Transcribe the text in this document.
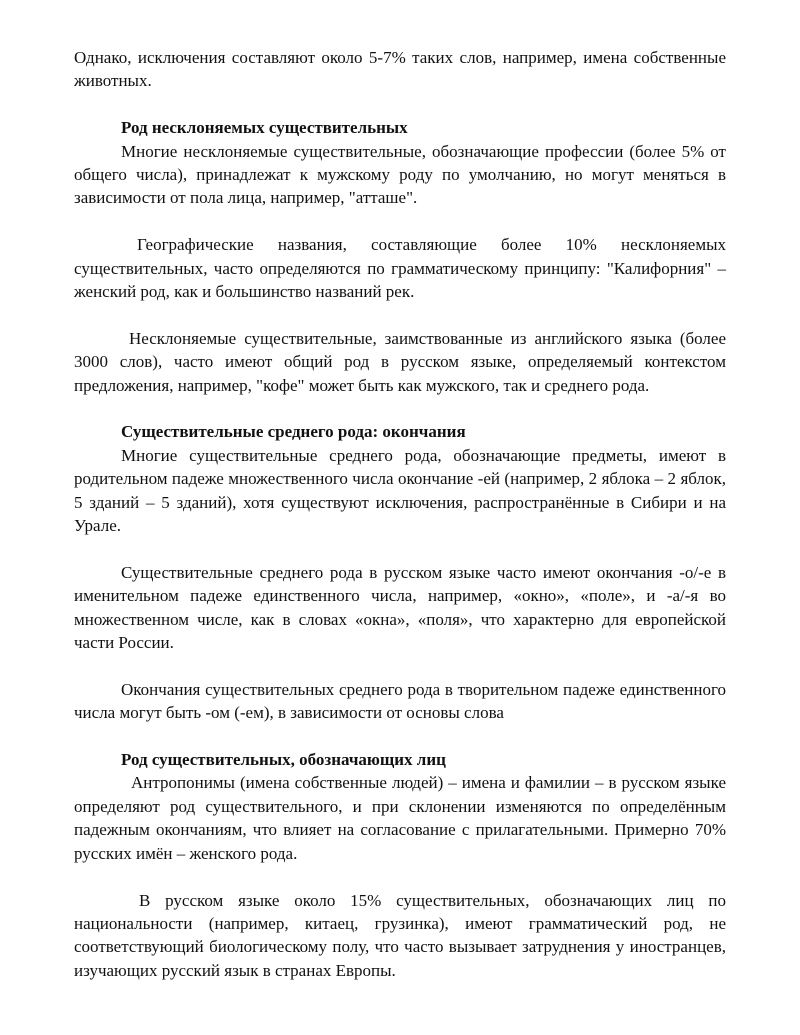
Однако, исключения составляют около 5-7% таких слов, например, имена собственные животных.

Род несклоняемых существительных

Многие несклоняемые существительные, обозначающие профессии (более 5% от общего числа), принадлежат к мужскому роду по умолчанию, но могут меняться в зависимости от пола лица, например, "атташе".

Географические названия, составляющие более 10% несклоняемых существительных, часто определяются по грамматическому принципу: "Калифорния" – женский род, как и большинство названий рек.

Несклоняемые существительные, заимствованные из английского языка (более 3000 слов), часто имеют общий род в русском языке, определяемый контекстом предложения, например, "кофе" может быть как мужского, так и среднего рода.

Существительные среднего рода: окончания

Многие существительные среднего рода, обозначающие предметы, имеют в родительном падеже множественного числа окончание -ей (например, 2 яблока – 2 яблок, 5 зданий – 5 зданий), хотя существуют исключения, распространённые в Сибири и на Урале.

Существительные среднего рода в русском языке часто имеют окончания -о/-е в именительном падеже единственного числа, например, «окно», «поле», и -а/-я во множественном числе, как в словах «окна», «поля», что характерно для европейской части России.

Окончания существительных среднего рода в творительном падеже единственного числа могут быть -ом (-ем), в зависимости от основы слова

Род существительных, обозначающих лиц

Антропонимы (имена собственные людей) – имена и фамилии – в русском языке определяют род существительного, и при склонении изменяются по определённым падежным окончаниям, что влияет на согласование с прилагательными. Примерно 70% русских имён – женского рода.

В русском языке около 15% существительных, обозначающих лиц по национальности (например, китаец, грузинка), имеют грамматический род, не соответствующий биологическому полу, что часто вызывает затруднения у иностранцев, изучающих русский язык в странах Европы.
